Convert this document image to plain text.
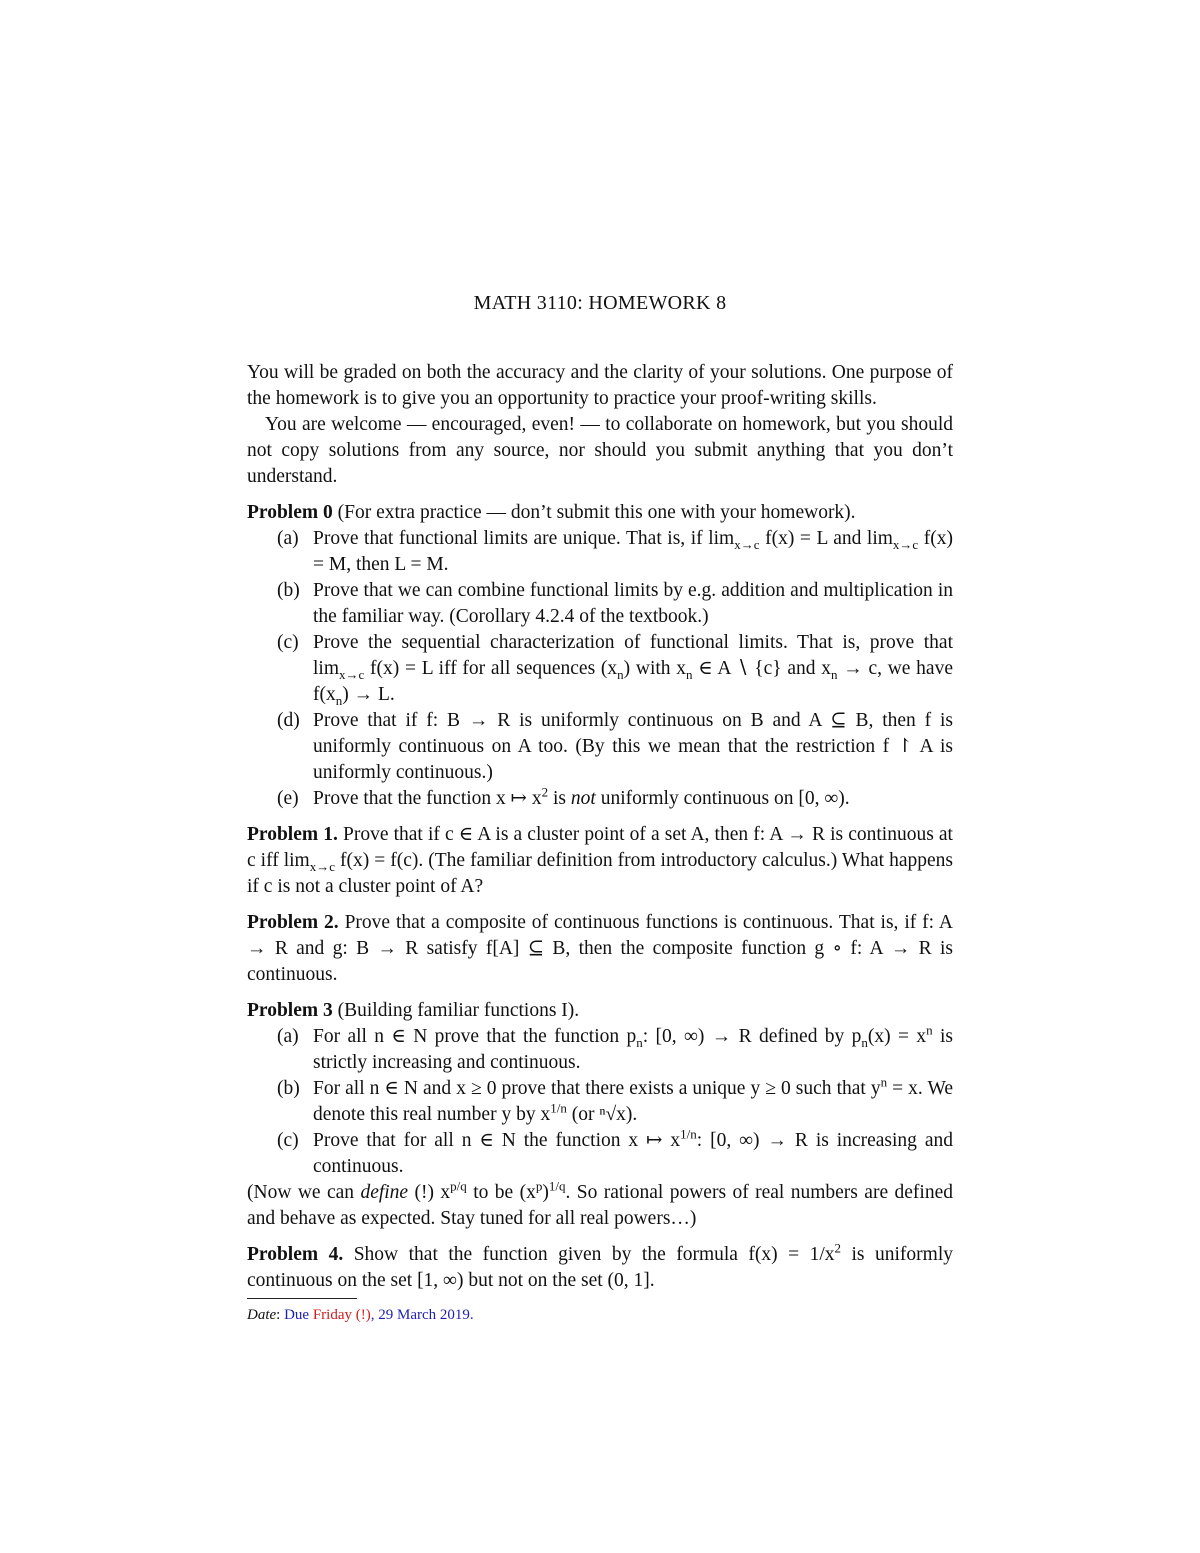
MATH 3110: HOMEWORK 8

You will be graded on both the accuracy and the clarity of your solutions. One purpose of the homework is to give you an opportunity to practice your proof-writing skills.

You are welcome — encouraged, even! — to collaborate on homework, but you should not copy solutions from any source, nor should you submit anything that you don’t understand.

Problem 0 (For extra practice — don’t submit this one with your homework).

(a) Prove that functional limits are unique. That is, if $\lim_{x\to c} f(x) = L$ and $\lim_{x\to c} f(x) = M$, then L = M.
(b) Prove that we can combine functional limits by e.g. addition and multiplication in the familiar way. (Corollary 4.2.4 of the textbook.)
(c) Prove the sequential characterization of functional limits. That is, prove that $\lim_{x\to c} f(x) = L$ iff for all sequences $(x_n)$ with $x_n$ ∈ A ∖ {c} and $x_n \to c$, we have $f(x_n) \to L$.
(d) Prove that if f: B → R is uniformly continuous on B and A ⊆ B, then f is uniformly continuous on A too. (By this we mean that the restriction f ↾ A is uniformly continuous.)
(e) Prove that the function x ↦ $x^2$ is not uniformly continuous on [0, ∞).

Problem 1. Prove that if c ∈ A is a cluster point of a set A, then f: A → R is continuous at c iff $\lim_{x\to c} f(x) = f(c)$. (The familiar definition from introductory calculus.) What happens if c is not a cluster point of A?

Problem 2. Prove that a composite of continuous functions is continuous. That is, if f: A → R and g: B → R satisfy f[A] ⊆ B, then the composite function g ∘ f: A → R is continuous.

Problem 3 (Building familiar functions I).

(a) For all n ∈ N prove that the function $p_n$: [0, ∞) → R defined by $p_n(x) = x^n$ is strictly increasing and continuous.
(b) For all n ∈ N and x ≥ 0 prove that there exists a unique y ≥ 0 such that $y^n = x$. We denote this real number y by $x^{1/n}$ (or ⁿ√x).
(c) Prove that for all n ∈ N the function x ↦ $x^{1/n}$: [0, ∞) → R is increasing and continuous.

(Now we can define (!) $x^{p/q}$ to be $(x^p)^{1/q}$. So rational powers of real numbers are defined and behave as expected. Stay tuned for all real powers…)

Problem 4. Show that the function given by the formula $f(x) = 1/x^2$ is uniformly continuous on the set [1, ∞) but not on the set (0, 1].

Date: Due Friday (!), 29 March 2019.
